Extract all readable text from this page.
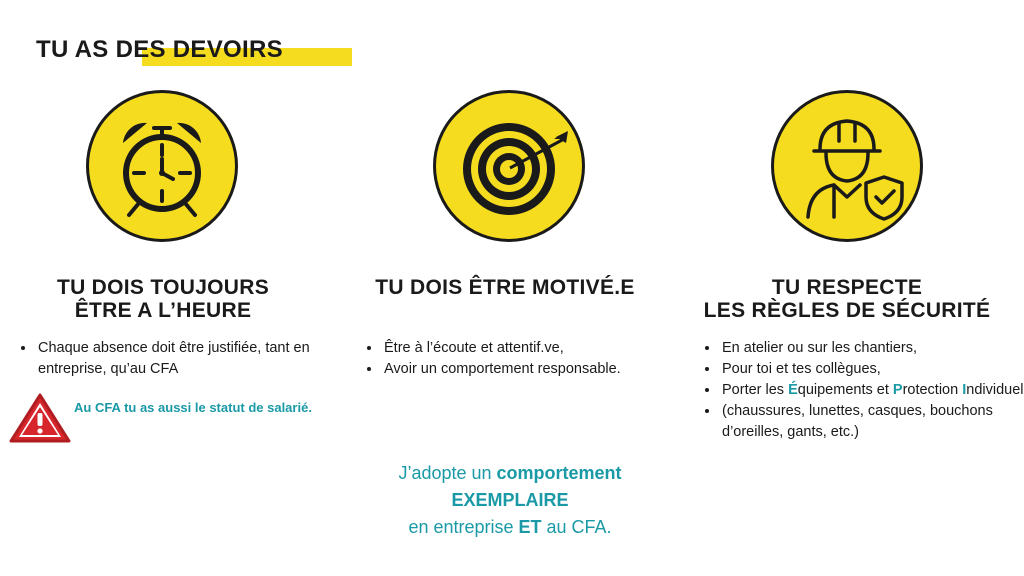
TU AS DES DEVOIRS
TU DOIS TOUJOURS
ÊTRE A L’HEURE
• Chaque absence doit être justifiée, tant en entreprise, qu’au CFA
Au CFA tu as aussi le statut de salarié.
TU DOIS ÊTRE MOTIVÉ.E
• Être à l’écoute et attentif.ve,
• Avoir un comportement responsable.
TU RESPECTE
LES RÈGLES DE SÉCURITÉ
• En atelier ou sur les chantiers,
• Pour toi et tes collègues,
• Porter les Équipements et Protection Individuel
• (chaussures, lunettes, casques, bouchons d’oreilles, gants, etc.)
J’adopte un comportement
EXEMPLAIRE
en entreprise ET au CFA.
